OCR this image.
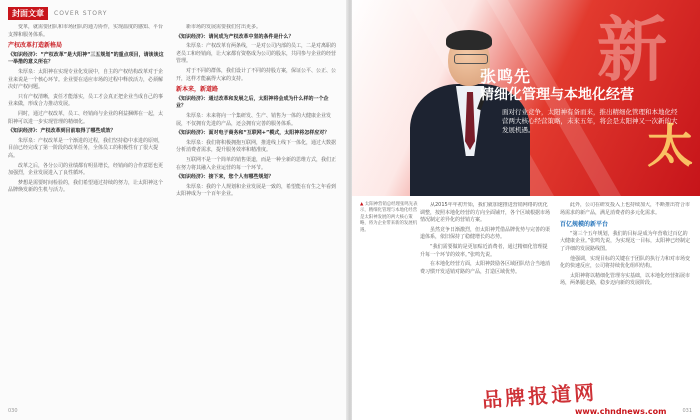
封面文章	COVER STORY

变革，就需要团队和市场团队的通力协作，实现温度的感知、平台支撑和服务体系。

产权改革打造新格局

《知识经济》：“产权改革”是大阳神“三五规划”的重点项目，请谈谈这一举措的意义所在？

朱厚泉：太阳神在实现专业化发展中，自主的产权结构改革对于企业来说是一个核心环节。企业要在适应市场的过程中释放活力，必须解决好产权问题。

只有产权清晰，责任才能落实，员工才会真正把企业当成自己的事业来做，形成合力推动发展。

同时，通过产权改革，员工、经销商与企业的利益捆绑在一起，太阳神可以进一步实现管理的精细化。

《知识经济》：产权改革到目前取得了哪些成效？

朱厚泉：产权改革是一个渐进的过程，我们坚持稳中求进的原则，目前已经完成了第一阶段的改革任务，全体员工的积极性有了很大提高。

改革之后，各分公司的业绩都有明显增长，经销商的合作意愿也更加强烈，企业发展进入了良性循环。

梦想是需要时间检验的，我们希望通过持续的努力，让太阳神这个品牌焕发新的生机与活力。

新市场的发展需要我们付出更多。

《知识经济》：请问成为产权改革中坚的条件是什么？

朱厚泉：产权改革有两条线，一是对公司内部的员工，二是对离职的老员工和经销商，让大家都有资格成为公司的股东，共同参与企业的经营管理。

对于不同的群体，我们设计了不同的持股方案，保证公平、公正、公开，这样才能赢得大家的支持。

新本来，新道路

《知识经济》：通过改革和发展之后，太阳神将会成为什么样的一个企业？

朱厚泉：未来将向一个集研发、生产、销售为一体的大健康企业发展，不仅拥有先进的产品，还会拥有完善的服务体系。

《知识经济》：面对电子商务和“互联网+”模式，太阳神将怎样应对？

朱厚泉：我们将积极拥抱互联网，推进线上线下一体化，通过大数据分析消费者需求，提升服务效率和精准度。

互联网不是一个简单的销售渠道，而是一种全新的思维方式，我们正在努力将其融入企业运营的每一个环节。

《知识经济》：接下来，您个人有哪些规划？

朱厚泉：我的个人规划和企业发展是一致的，希望能在有生之年看到太阳神成为一个百年企业。

030
新
太
张鸣先
精细化管理与本地化经营
面对行业竞争，太阳神有备而来，推出精细化管理和本地化经营两大核心经营策略，未来五年，将会是太阳神又一次新的大发展机遇。
▲ 太阳神营销总经理张鸣先表示，精细化管理与本地化经营是太阳神发展的两大核心策略，将为企业带来新的发展机遇。

从2015年年初开始，我们就加速推进营销网络的优化调整，按照本地化经营的方向全面铺开，各个区域根据市场情况制定差异化的营销方案。

虽然竞争日渐激烈，但太阳神凭借品牌优势与完善的渠道体系，依旧保持了稳健增长的态势。

“我们需要做的是更加贴近消费者，通过精细化管理提升每一个环节的效率。”张鸣先说。

在本地化经营方面，太阳神鼓励各区域团队结合当地消费习惯开发适销对路的产品，打造区域优势。

此外，公司在研发投入上也持续加大，不断推出符合市场需求的新产品，满足消费者的多元化需求。

百亿规模的新平台

“第三个五年规划，我们的目标是成为年营收过百亿的大健康企业。”张鸣先说，为实现这一目标，太阳神已经制定了详细的发展路线图。

他强调，实现目标的关键在于团队的执行力和对市场变化的快速反应，公司将持续优化组织结构。

太阳神将以精细化管理夯实基础，以本地化经营拓展市场，两条腿走路，稳步迈向新的发展阶段。

031
品牌报道网
www.chndnews.com
